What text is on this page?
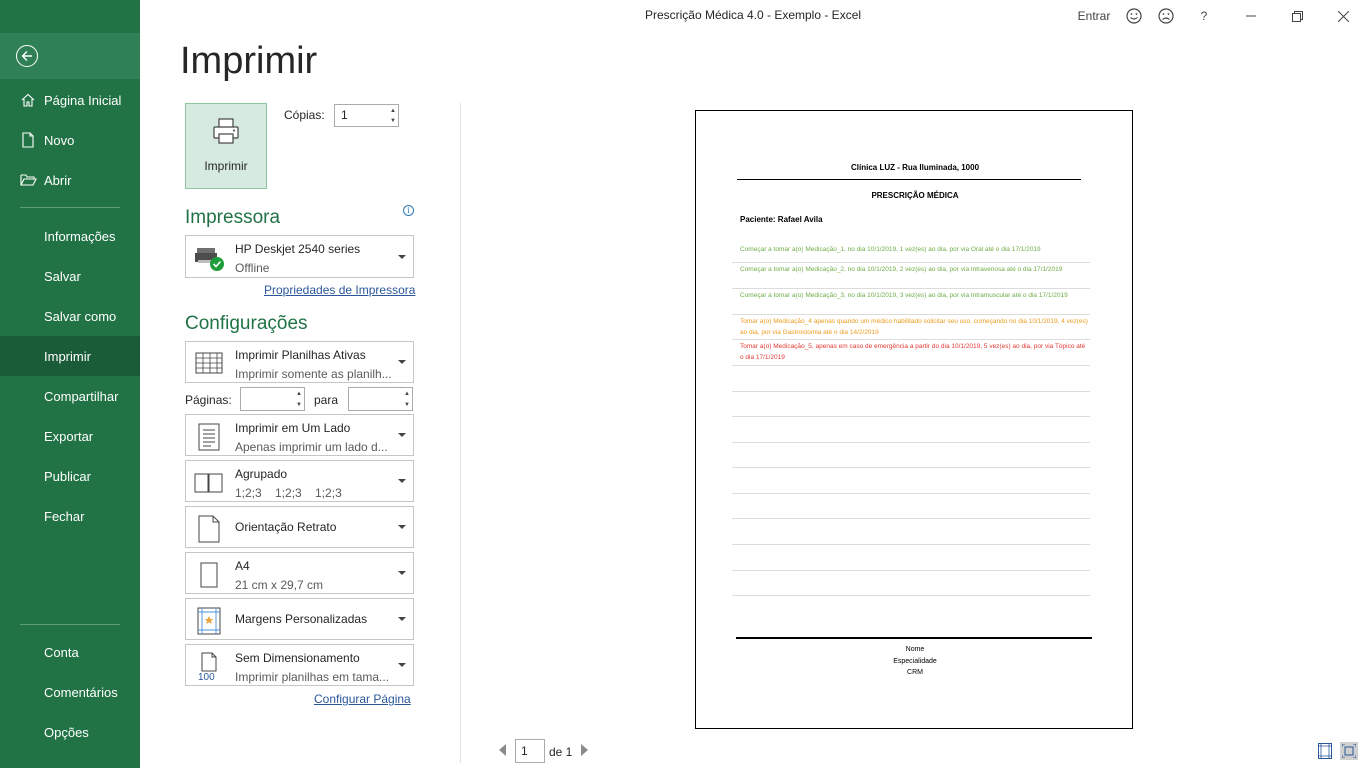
Página Inicial
Novo
Abrir
Informações
Salvar
Salvar como
Imprimir
Compartilhar
Exportar
Publicar
Fechar
Conta
Comentários
Opções
Prescrição Médica 4.0 - Exemplo - Excel	Entrar	?
Imprimir
Imprimir
Cópias:	1	▲
▼
Impressora	i
HP Deskjet 2540 series
Offline
Propriedades de Impressora
Configurações
Imprimir Planilhas Ativas
Imprimir somente as planilh...
Páginas:	▲
▼ para	▲
▼
Imprimir em Um Lado
Apenas imprimir um lado d...
Agrupado
1;2;3    1;2;3    1;2;3
Orientação Retrato
A4
21 cm x 29,7 cm
Margens Personalizadas
100
Sem Dimensionamento
Imprimir planilhas em tama...
Configurar Página
Clínica LUZ - Rua Iluminada, 1000
PRESCRIÇÃO MÉDICA
Paciente: Rafael Avila
Começar a tomar a(o) Medicação_1, no dia 10/1/2019, 1 vez(es) ao dia, por via Oral até o dia 17/1/2019
Começar a tomar a(o) Medicação_2, no dia 10/1/2019, 2 vez(es) ao dia, por via Intravenosa até o dia 17/1/2019
Começar a tomar a(o) Medicação_3, no dia 10/1/2019, 3 vez(es) ao dia, por via Intramuscular até o dia 17/1/2019
Tomar a(o) Medicação_4 apenas quando um médico habilitado solicitar seu uso, começando no dia 10/1/2019, 4 vez(es) ao dia, por via Gastrostomia até o dia 14/2/2019
Tomar a(o) Medicação_5, apenas em caso de emergência a partir do dia 10/1/2019, 5 vez(es) ao dia, por via Tópico até o dia 17/1/2019
Nome
Especialidade
CRM
1	de 1
